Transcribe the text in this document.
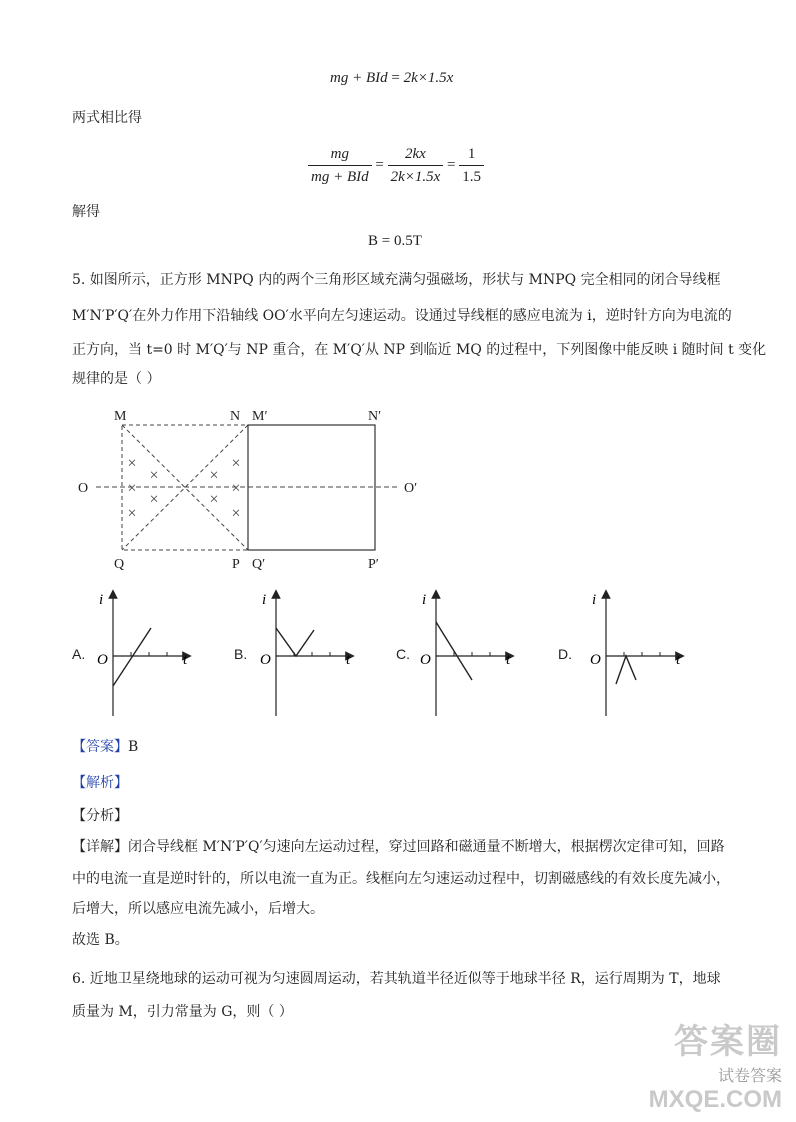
mg + BId = 2k×1.5x
两式相比得
$\frac{mg}{\text{mg + BId}} = \frac{2kx}{2k\times 1.5x} = \frac{1}{1.5}$
解得
B = 0.5T
5. 如图所示，正方形 MNPQ 内的两个三角形区域充满匀强磁场，形状与 MNPQ 完全相同的闭合导线框
M′N′P′Q′在外力作用下沿轴线 OO′水平向左匀速运动。设通过导线框的感应电流为 i，逆时针方向为电流的
正方向，当 t=0 时 M′Q′与 NP 重合，在 M′Q′从 NP 到临近 MQ 的过程中，下列图像中能反映 i 随时间 t 变化
规律的是（ ）
×
×
×
×
×
×
×
×
×
×
M	N M′	N′
Q	P Q′	P′
O	O′
A.
i
t
O	B.
i
t
O	C.
i
t
O	D.
i
t
O
【答案】B
【解析】
【分析】
【详解】闭合导线框 M′N′P′Q′匀速向左运动过程，穿过回路和磁通量不断增大，根据楞次定律可知，回路
中的电流一直是逆时针的，所以电流一直为正。线框向左匀速运动过程中，切割磁感线的有效长度先减小，
后增大，所以感应电流先减小，后增大。
故选 B。
6. 近地卫星绕地球的运动可视为匀速圆周运动，若其轨道半径近似等于地球半径 R，运行周期为 T，地球
质量为 M，引力常量为 G，则（ ）
答案圈
试卷答案
MXQE.COM
